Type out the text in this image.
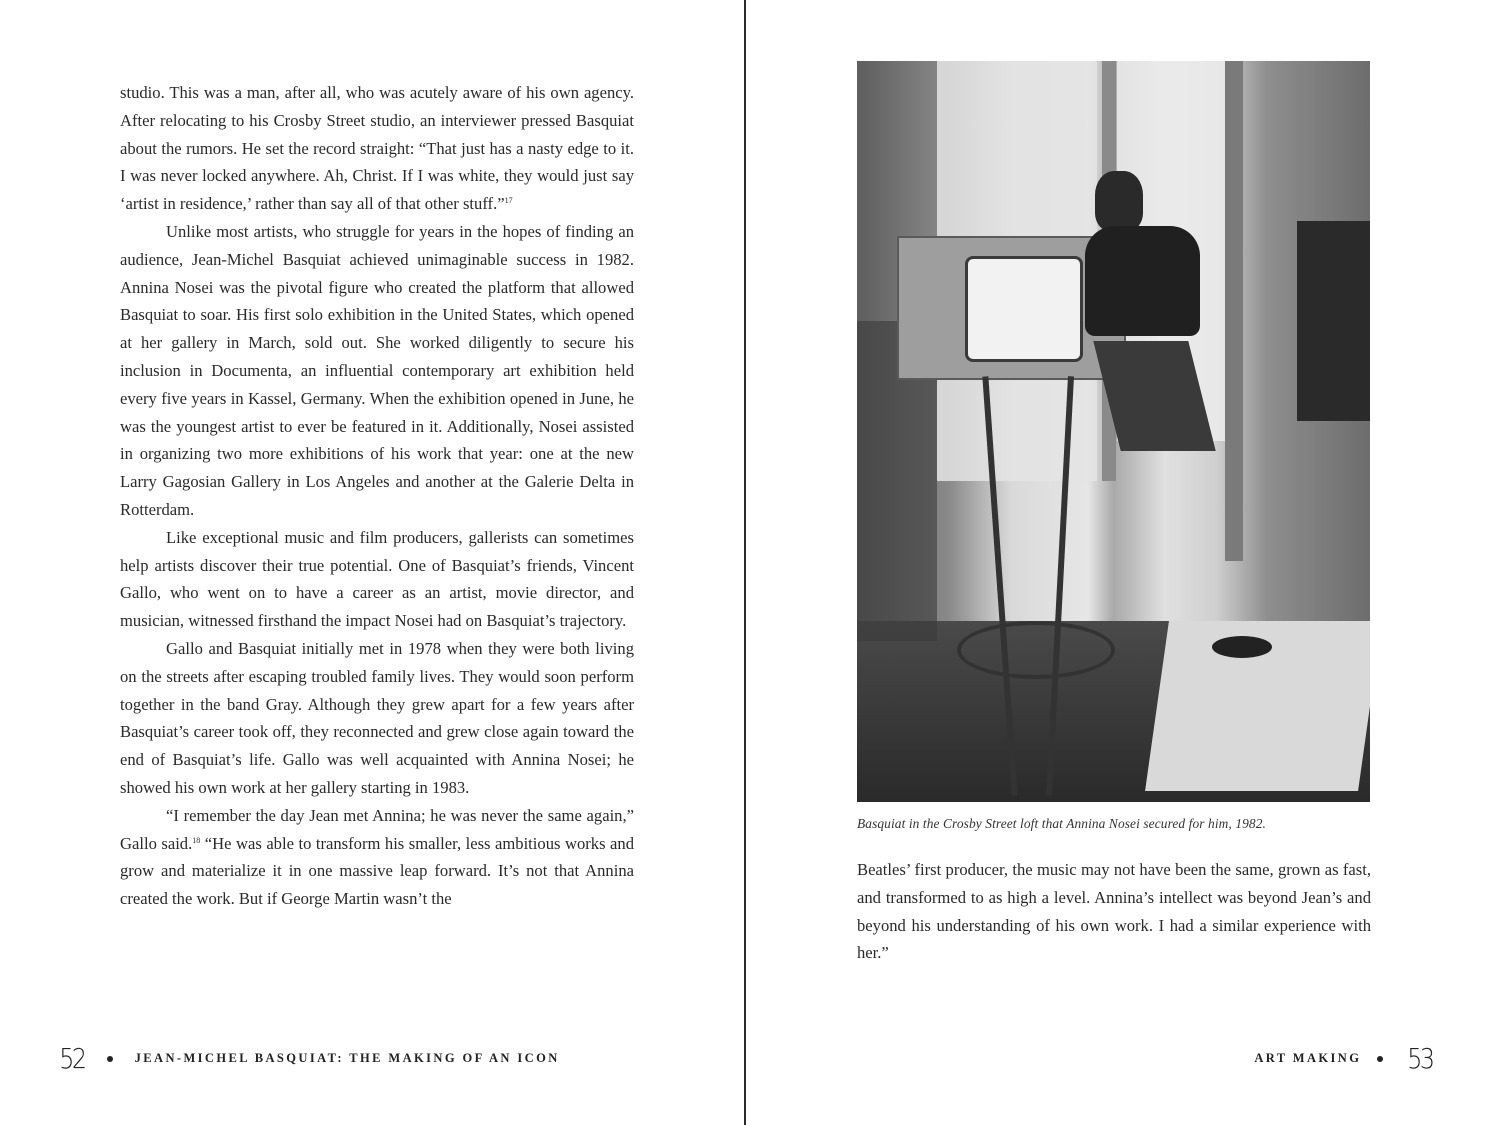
studio. This was a man, after all, who was acutely aware of his own agency. After relocating to his Crosby Street studio, an interviewer pressed Basquiat about the rumors. He set the record straight: “That just has a nasty edge to it. I was never locked anywhere. Ah, Christ. If I was white, they would just say ‘artist in residence,’ rather than say all of that other stuff.”$^{17}$

Unlike most artists, who struggle for years in the hopes of finding an audience, Jean-Michel Basquiat achieved unimaginable success in 1982. Annina Nosei was the pivotal figure who created the platform that allowed Basquiat to soar. His first solo exhibition in the United States, which opened at her gallery in March, sold out. She worked diligently to secure his inclusion in Documenta, an influential contemporary art exhibition held every five years in Kassel, Germany. When the exhibition opened in June, he was the youngest artist to ever be featured in it. Additionally, Nosei assisted in organizing two more exhibitions of his work that year: one at the new Larry Gagosian Gallery in Los Angeles and another at the Galerie Delta in Rotterdam.

Like exceptional music and film producers, gallerists can sometimes help artists discover their true potential. One of Basquiat’s friends, Vincent Gallo, who went on to have a career as an artist, movie director, and musician, witnessed firsthand the impact Nosei had on Basquiat’s trajectory.

Gallo and Basquiat initially met in 1978 when they were both living on the streets after escaping troubled family lives. They would soon perform together in the band Gray. Although they grew apart for a few years after Basquiat’s career took off, they reconnected and grew close again toward the end of Basquiat’s life. Gallo was well acquainted with Annina Nosei; he showed his own work at her gallery starting in 1983.

“I remember the day Jean met Annina; he was never the same again,” Gallo said.$^{18}$ “He was able to transform his smaller, less ambitious works and grow and materialize it in one massive leap forward. It’s not that Annina created the work. But if George Martin wasn’t the

52	JEAN-MICHEL BASQUIAT: THE MAKING OF AN ICON
Basquiat in the Crosby Street loft that Annina Nosei secured for him, 1982.

Beatles’ first producer, the music may not have been the same, grown as fast, and transformed to as high a level. Annina’s intellect was beyond Jean’s and beyond his understanding of his own work. I had a similar experience with her.”

ART MAKING 53
